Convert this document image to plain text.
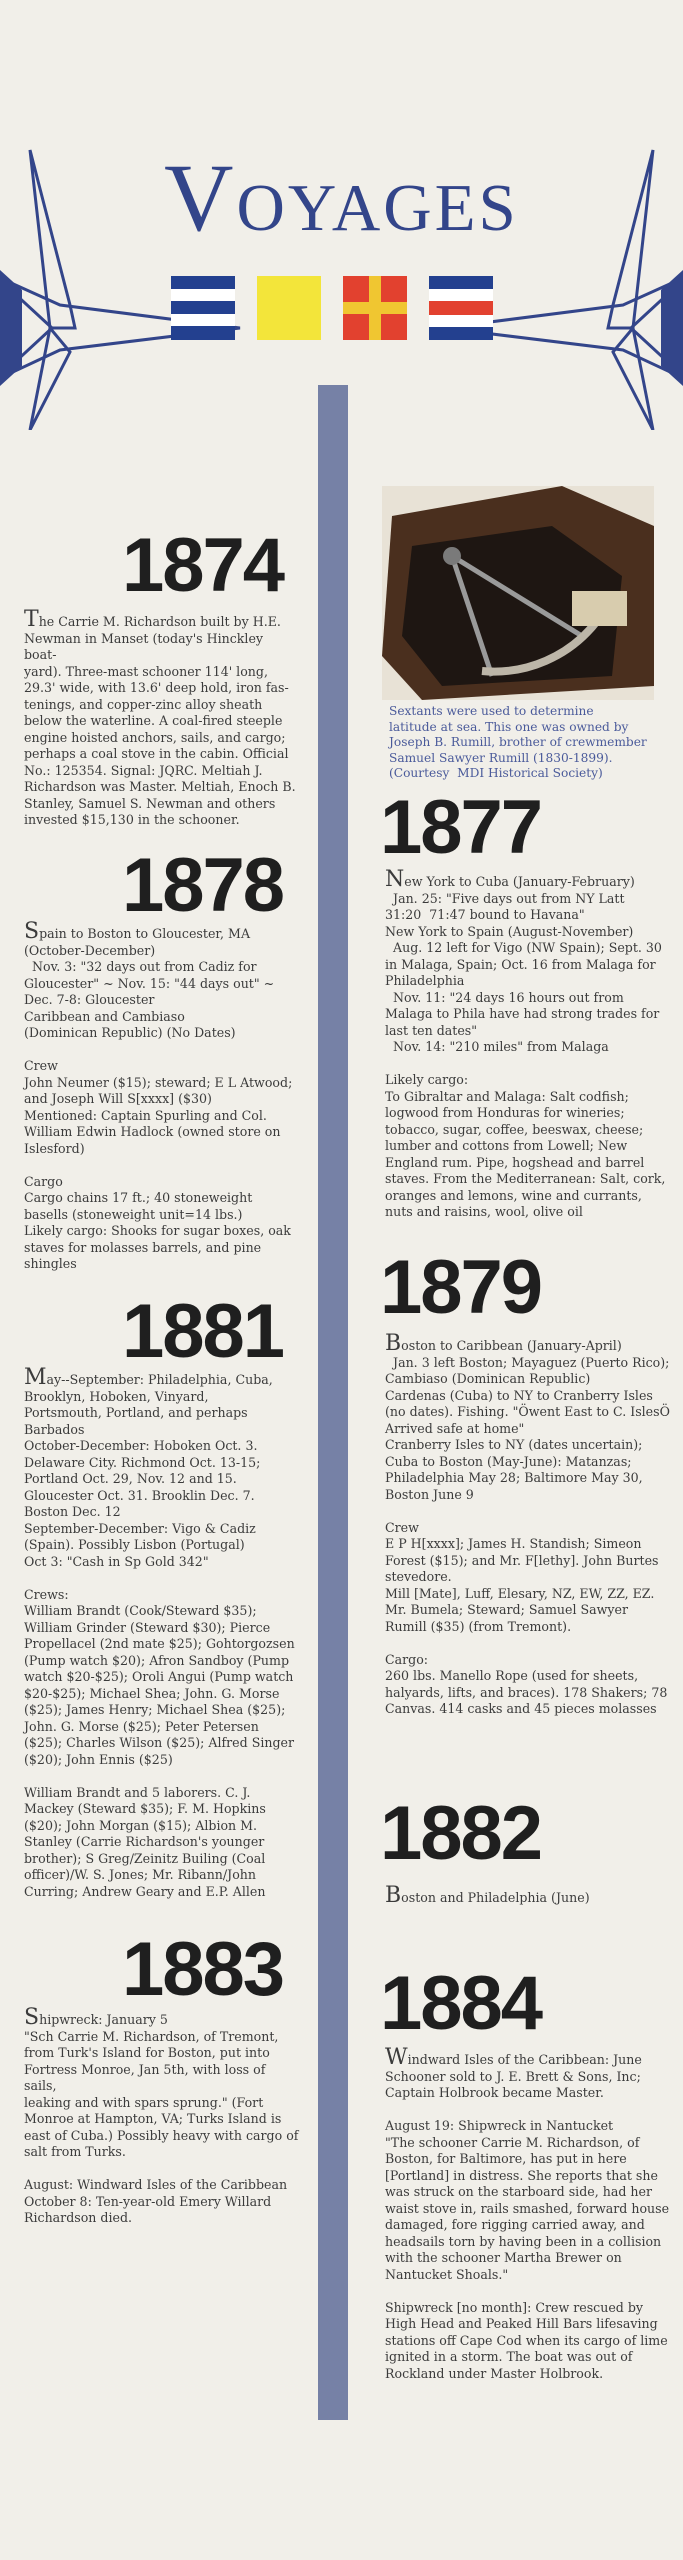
Voyages
Sextants were used to determine
latitude at sea. This one was owned by
Joseph B. Rumill, brother of crewmember
Samuel Sawyer Rumill (1830-1899).
(Courtesy  MDI Historical Society)
1874
The Carrie M. Richardson built by H.E.
Newman in Manset (today's Hinckley boat-
yard). Three-mast schooner 114' long,
29.3' wide, with 13.6' deep hold, iron fas-
tenings, and copper-zinc alloy sheath
below the waterline. A coal-fired steeple
engine hoisted anchors, sails, and cargo;
perhaps a coal stove in the cabin. Official
No.: 125354. Signal: JQRC. Meltiah J.
Richardson was Master. Meltiah, Enoch B.
Stanley, Samuel S. Newman and others
invested $15,130 in the schooner.
1878
Spain to Boston to Gloucester, MA
(October-December)
Nov. 3: "32 days out from Cadiz for
Gloucester" ~ Nov. 15: "44 days out" ~
Dec. 7-8: Gloucester
Caribbean and Cambiaso
(Dominican Republic) (No Dates)

Crew
John Neumer ($15); steward; E L Atwood;
and Joseph Will S[xxxx] ($30)
Mentioned: Captain Spurling and Col.
William Edwin Hadlock (owned store on
Islesford)

Cargo
Cargo chains 17 ft.; 40 stoneweight
basells (stoneweight unit=14 lbs.)
Likely cargo: Shooks for sugar boxes, oak
staves for molasses barrels, and pine
shingles
1881
May--September: Philadelphia, Cuba,
Brooklyn, Hoboken, Vinyard,
Portsmouth, Portland, and perhaps
Barbados
October-December: Hoboken Oct. 3.
Delaware City. Richmond Oct. 13-15;
Portland Oct. 29, Nov. 12 and 15.
Gloucester Oct. 31. Brooklin Dec. 7.
Boston Dec. 12
September-December: Vigo & Cadiz
(Spain). Possibly Lisbon (Portugal)
Oct 3: "Cash in Sp Gold 342"

Crews:
William Brandt (Cook/Steward $35);
William Grinder (Steward $30); Pierce
Propellacel (2nd mate $25); Gohtorgozsen
(Pump watch $20); Afron Sandboy (Pump
watch $20-$25); Oroli Angui (Pump watch
$20-$25); Michael Shea; John. G. Morse
($25); James Henry; Michael Shea ($25);
John. G. Morse ($25); Peter Petersen
($25); Charles Wilson ($25); Alfred Singer
($20); John Ennis ($25)

William Brandt and 5 laborers. C. J.
Mackey (Steward $35); F. M. Hopkins
($20); John Morgan ($15); Albion M.
Stanley (Carrie Richardson's younger
brother); S Greg/Zeinitz Builing (Coal
officer)/W. S. Jones; Mr. Ribann/John
Curring; Andrew Geary and E.P. Allen
1883
Shipwreck: January 5
"Sch Carrie M. Richardson, of Tremont,
from Turk's Island for Boston, put into
Fortress Monroe, Jan 5th, with loss of sails,
leaking and with spars sprung." (Fort
Monroe at Hampton, VA; Turks Island is
east of Cuba.) Possibly heavy with cargo of
salt from Turks.

August: Windward Isles of the Caribbean
October 8: Ten-year-old Emery Willard
Richardson died.
1877
New York to Cuba (January-February)
Jan. 25: "Five days out from NY Latt
31:20  71:47 bound to Havana"
New York to Spain (August-November)
Aug. 12 left for Vigo (NW Spain); Sept. 30
in Malaga, Spain; Oct. 16 from Malaga for
Philadelphia
Nov. 11: "24 days 16 hours out from
Malaga to Phila have had strong trades for
last ten dates"
Nov. 14: "210 miles" from Malaga

Likely cargo:
To Gibraltar and Malaga: Salt codfish;
logwood from Honduras for wineries;
tobacco, sugar, coffee, beeswax, cheese;
lumber and cottons from Lowell; New
England rum. Pipe, hogshead and barrel
staves. From the Mediterranean: Salt, cork,
oranges and lemons, wine and currants,
nuts and raisins, wool, olive oil
1879
Boston to Caribbean (January-April)
Jan. 3 left Boston; Mayaguez (Puerto Rico);
Cambiaso (Dominican Republic)
Cardenas (Cuba) to NY to Cranberry Isles
(no dates). Fishing. "Öwent East to C. IslesÖ
Arrived safe at home"
Cranberry Isles to NY (dates uncertain);
Cuba to Boston (May-June): Matanzas;
Philadelphia May 28; Baltimore May 30,
Boston June 9

Crew
E P H[xxxx]; James H. Standish; Simeon
Forest ($15); and Mr. F[lethy]. John Burtes
stevedore.
Mill [Mate], Luff, Elesary, NZ, EW, ZZ, EZ.
Mr. Bumela; Steward; Samuel Sawyer
Rumill ($35) (from Tremont).

Cargo:
260 lbs. Manello Rope (used for sheets,
halyards, lifts, and braces). 178 Shakers; 78
Canvas. 414 casks and 45 pieces molasses
1882
Boston and Philadelphia (June)
1884
Windward Isles of the Caribbean: June
Schooner sold to J. E. Brett & Sons, Inc;
Captain Holbrook became Master.

August 19: Shipwreck in Nantucket
"The schooner Carrie M. Richardson, of
Boston, for Baltimore, has put in here
[Portland] in distress. She reports that she
was struck on the starboard side, had her
waist stove in, rails smashed, forward house
damaged, fore rigging carried away, and
headsails torn by having been in a collision
with the schooner Martha Brewer on
Nantucket Shoals."

Shipwreck [no month]: Crew rescued by
High Head and Peaked Hill Bars lifesaving
stations off Cape Cod when its cargo of lime
ignited in a storm. The boat was out of
Rockland under Master Holbrook.
